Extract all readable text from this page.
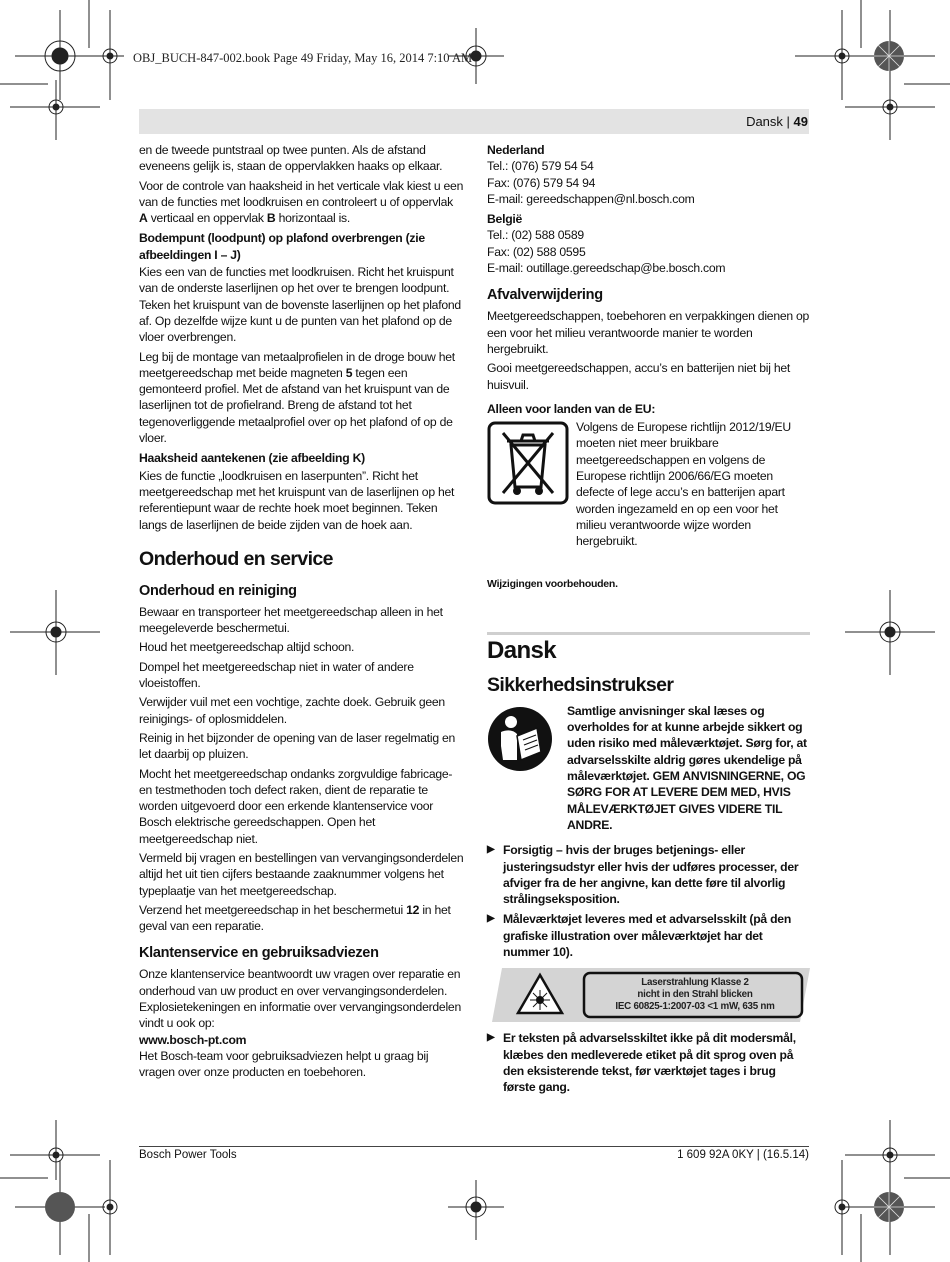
OBJ_BUCH-847-002.book Page 49 Friday, May 16, 2014 7:10 AM
Dansk | 49

en de tweede puntstraal op twee punten. Als de afstand eveneens gelijk is, staan de oppervlakken haaks op elkaar.

Voor de controle van haaksheid in het verticale vlak kiest u een van de functies met loodkruisen en controleert u of oppervlak A verticaal en oppervlak B horizontaal is.

Bodempunt (loodpunt) op plafond overbrengen (zie afbeeldingen I – J)

Kies een van de functies met loodkruisen. Richt het kruispunt van de onderste laserlijnen op het over te brengen loodpunt. Teken het kruispunt van de bovenste laserlijnen op het plafond af. Op dezelfde wijze kunt u de punten van het plafond op de vloer overbrengen.

Leg bij de montage van metaalprofielen in de droge bouw het meetgereedschap met beide magneten 5 tegen een gemonteerd profiel. Met de afstand van het kruispunt van de laserlijnen tot de profielrand. Breng de afstand tot het tegenoverliggende metaalprofiel over op het plafond of op de vloer.

Haaksheid aantekenen (zie afbeelding K)

Kies de functie „loodkruisen en laserpunten”. Richt het meetgereedschap met het kruispunt van de laserlijnen op het referentiepunt waar de rechte hoek moet beginnen. Teken langs de laserlijnen de beide zijden van de hoek aan.

Onderhoud en service
Onderhoud en reiniging

Bewaar en transporteer het meetgereedschap alleen in het meegeleverde beschermetui.

Houd het meetgereedschap altijd schoon.

Dompel het meetgereedschap niet in water of andere vloeistoffen.

Verwijder vuil met een vochtige, zachte doek. Gebruik geen reinigings- of oplosmiddelen.

Reinig in het bijzonder de opening van de laser regelmatig en let daarbij op pluizen.

Mocht het meetgereedschap ondanks zorgvuldige fabricage- en testmethoden toch defect raken, dient de reparatie te worden uitgevoerd door een erkende klantenservice voor Bosch elektrische gereedschappen. Open het meetgereedschap niet.

Vermeld bij vragen en bestellingen van vervangingsonderdelen altijd het uit tien cijfers bestaande zaaknummer volgens het typeplaatje van het meetgereedschap.

Verzend het meetgereedschap in het beschermetui 12 in het geval van een reparatie.

Klantenservice en gebruiksadviezen

Onze klantenservice beantwoordt uw vragen over reparatie en onderhoud van uw product en over vervangingsonderdelen. Explosietekeningen en informatie over vervangingsonderdelen vindt u ook op:

www.bosch-pt.com

Het Bosch-team voor gebruiksadviezen helpt u graag bij vragen over onze producten en toebehoren.

Nederland
Tel.: (076) 579 54 54
Fax: (076) 579 54 94
E-mail: gereedschappen@nl.bosch.com
België
Tel.: (02) 588 0589
Fax: (02) 588 0595
E-mail: outillage.gereedschap@be.bosch.com
Afvalverwijdering

Meetgereedschappen, toebehoren en verpakkingen dienen op een voor het milieu verantwoorde manier te worden hergebruikt.

Gooi meetgereedschappen, accu’s en batterijen niet bij het huisvuil.

Alleen voor landen van de EU:

Volgens de Europese richtlijn 2012/19/EU moeten niet meer bruikbare meetgereedschappen en volgens de Europese richtlijn 2006/66/EG moeten defecte of lege accu’s en batterijen apart worden ingezameld en op een voor het milieu verantwoorde wijze worden hergebruikt.

Wijzigingen voorbehouden.
Dansk
Sikkerhedsinstrukser

Samtlige anvisninger skal læses og overholdes for at kunne arbejde sikkert og uden risiko med måleværktøjet. Sørg for, at advarselsskilte aldrig gøres ukendelige på måleværktøjet. GEM ANVISNINGERNE, OG SØRG FOR AT LEVERE DEM MED, HVIS MÅLEVÆRKTØJET GIVES VIDERE TIL ANDRE.

▶ Forsigtig – hvis der bruges betjenings- eller justeringsudstyr eller hvis der udføres processer, der afviger fra de her angivne, kan dette føre til alvorlig strålingseksposition.
▶ Måleværktøjet leveres med et advarselsskilt (på den grafiske illustration over måleværktøjet har det nummer 10).
Laserstrahlung Klasse 2
nicht in den Strahl blicken
IEC 60825-1:2007-03 <1 mW, 635 nm
▶ Er teksten på advarselsskiltet ikke på dit modersmål, klæbes den medleverede etiket på dit sprog oven på den eksisterende tekst, før værktøjet tages i brug første gang.
Bosch Power Tools	1 609 92A 0KY | (16.5.14)
